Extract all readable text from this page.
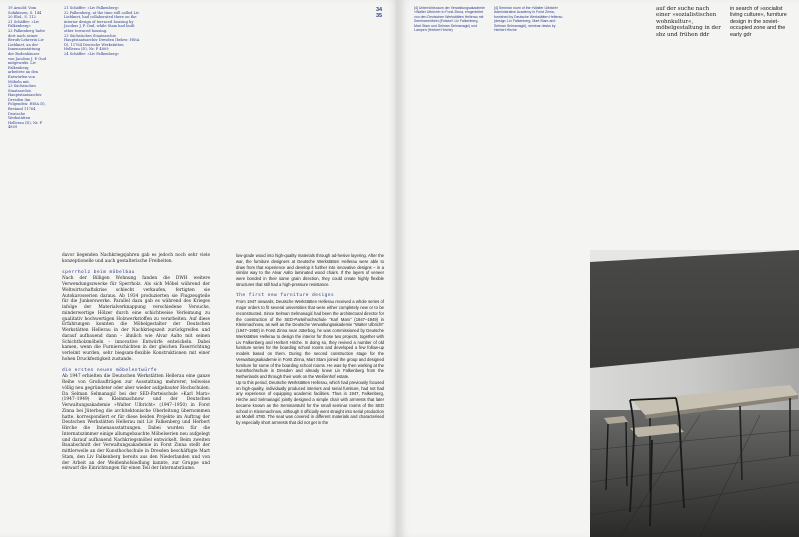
19 Arnold: Vom Sofakissen, S. 144
20 Ebd., S. 112
21 Schäffer: »Liv Falkenberg«
22 Falkenberg hatte dort nach seiner Berufs-Lehrerin Liv Liebknet, an der Innenausstattung der Bodenhäuser von Jacobus J. P. Oud mitgewirkt. Liv Falkenberg arbeitete an den Entwürfen von Möbeln mit.
23 Sächsisches Staatsarchiv, Hauptstaatsarchiv Dresden (im Folgenden: HStA D), Bestand 11764 Deutsche Werkstätten Hellerau (D), Nr. F 4809
21 Schäffer: »Liv Falkenberg«
22 Falkenberg, at the time still called Liv Liebknet, had collaborated there on the interior design of terraced housing by Jacobus J. P. Oud, while Stam had built other terraced housing.
23 Sächsisches Staatsarchiv, Hauptstaatsarchiv Dresden (below: HStA D), 11764 Deutsche Werkstätten Hellerau (D), Nr. F 4809
24 Schäffer: »Liv Falkenberg«
34
35

davor liegenden Nachkriegsjahren gab es jedoch noch sehr viele konzeptionelle und auch gestalterische Freiheiten.

sperrholz beim möbelbau

Nach der Billigen Wohnung fanden die DWH weitere Verwendungszwecke für Sperrholz. Als sich Möbel während der Weltwirtschaftskrise schlecht verkaufen, fertigten sie Autokarosserien daraus. Ab 1934 produzierten sie Flugzeugteile für die Junkerswerke. Parallel dazu gab es während des Krieges infolge der Materialverknappung verschiedene Versuche, minderwertige Hölzer durch eine schichtweise Verleimung zu qualitativ hochwertigen Holzwerkstoffen zu verarbeiten. Auf diese Erfahrungen konnten die Möbelgestalter der Deutschen Werkstätten Hellerau in der Nachkriegszeit zurückgreifen und darauf aufbauend dann – ähnlich wie Alvar Aalto mit seinen Schichtholzmöbeln – innovative Entwürfe entwickeln. Dabei kamen, wenn die Furnierschichten in der gleichen Faserrichtung verleimt wurden, sehr biegsam-flexible Konstruktionen mit einer hohen Druckfestigkeit zustande.

die ersten neuen möbelentwürfe

Ab 1947 erhielten die Deutschen Werkstätten Hellerau eine ganze Reihe von Großaufträgen zur Ausstattung mehrerer, teilweise völlig neu gegründeter oder aber wieder aufgebauter Hochschulen. Da Selman Selmanagić bei der SED-Parteischule »Karl Marx« (1947–1949) in Kleinmachnow und der Deutschen Verwaltungsakademie »Walter Ulbricht« (1947–1950) in Forst Zinna bei Jüterbog die architektonische Oberleitung übernommen hatte, korrespondiert er für diese beiden Projekte im Auftrag der Deutschen Werkstätten Hellerau mit Liv Falkenberg und Herbert Hirche die Innenausstattungen. Dabei wurden für die Internatszimmer einige allumgebauchte Möbelserien neu aufgelegt und darauf aufbauend Nachkriegsmöbel entwickelt. Beim zweiten Bauabschnitt der Verwaltungsakademie in Forst Zinna stellt der mittlerweile an der Kunsthochschule in Dresden beschäftigte Mart Stam, den Liv Falkenberg bereits aus den Niederlanden und von der Arbeit an der Weißenhofsiedlung kannte, zur Gruppe und entwarf die Einrichtungen für einen Teil der Internatsräume.

low-grade wood into high-quality materials through ad-hesive layering. After the war, the furniture designers at Deutsche Werkstätten Hellerau were able to draw from that experience and develop it further into innovative designs – in a similar way to the Alvar Aalto laminated wood chairs. If the layers of veneer were bonded in their same grain direction, they could create highly flexible structures that still had a high-pressure resistance.

the first new furniture designs

From 1947 onwards, Deutsche Werkstätten Hellerau received a whole series of major orders to fit several universities that were either completely new or to be reconstructed. Since Selman Selmanagić had been the architectural director for the construction of the SED-Parteihochschule "Karl Marx" (1947–1949) in Kleinmachnow, as well as the Deutsche Verwaltungsakademie "Walter Ulbricht" (1947–1950) in Forst Zinna near Jüterbog, he was commissioned by Deutsche Werkstätten Hellerau to design the interior for those two projects, together with Liv Falkenberg and Herbert Hirche. In doing so, they revived a number of old furniture series for the boarding school rooms and developed a few follow-up models based on them. During the second construction stage for the Verwaltungsakademie in Forst Zinna, Mart Stam joined the group and designed furniture for some of the boarding school rooms. He was by then working at the Kunsthochschule in Dresden and already knew Liv Falkenberg from the Netherlands and through their work on the Weißenhof estate.

Up to this period, Deutsche Werkstätten Hellerau, which had previously focused on high-quality, individually produced interiors and serial furniture, had not had any experience of equipping academic facilities. Thus in 1947, Falkenberg, Hirche and Selmanagić jointly designed a simple chair with armrests that later became known as the Seminarstuhl for the small seminar rooms of the SED school in Kleinmachnow, although it officially went straight into serial production as Modell 4780. The seat was covered in different materials and characterised by especially short armrests that did not get in the

[4] Unterrichtsraum der Verwaltungsakademie »Walter Ulbricht« in Forst Zinna, eingerichtet von den Deutschen Werkstätten Hellerau mit Seminarmöbeln (Entwurf: Liv Falkenberg, Mart Stam und Selman Selmanagić) und Lampen (Herbert Hirche)
[4] Seminar room of the »Walter Ulbricht« Administrative Academy in Forst Zinna, furnished by Deutsche Werkstätten Hellerau (design: Liv Falkenberg, Mart Stam and Selman Selmanagić), seminar desks by Herbert Hirche
auf der suche nach einer »sozialistischen wohnkultur«, möbelgestaltung in der sbz und frühen ddr
in search of »socialist living culture«, furniture design in the soviet-occupied zone and the early gdr
